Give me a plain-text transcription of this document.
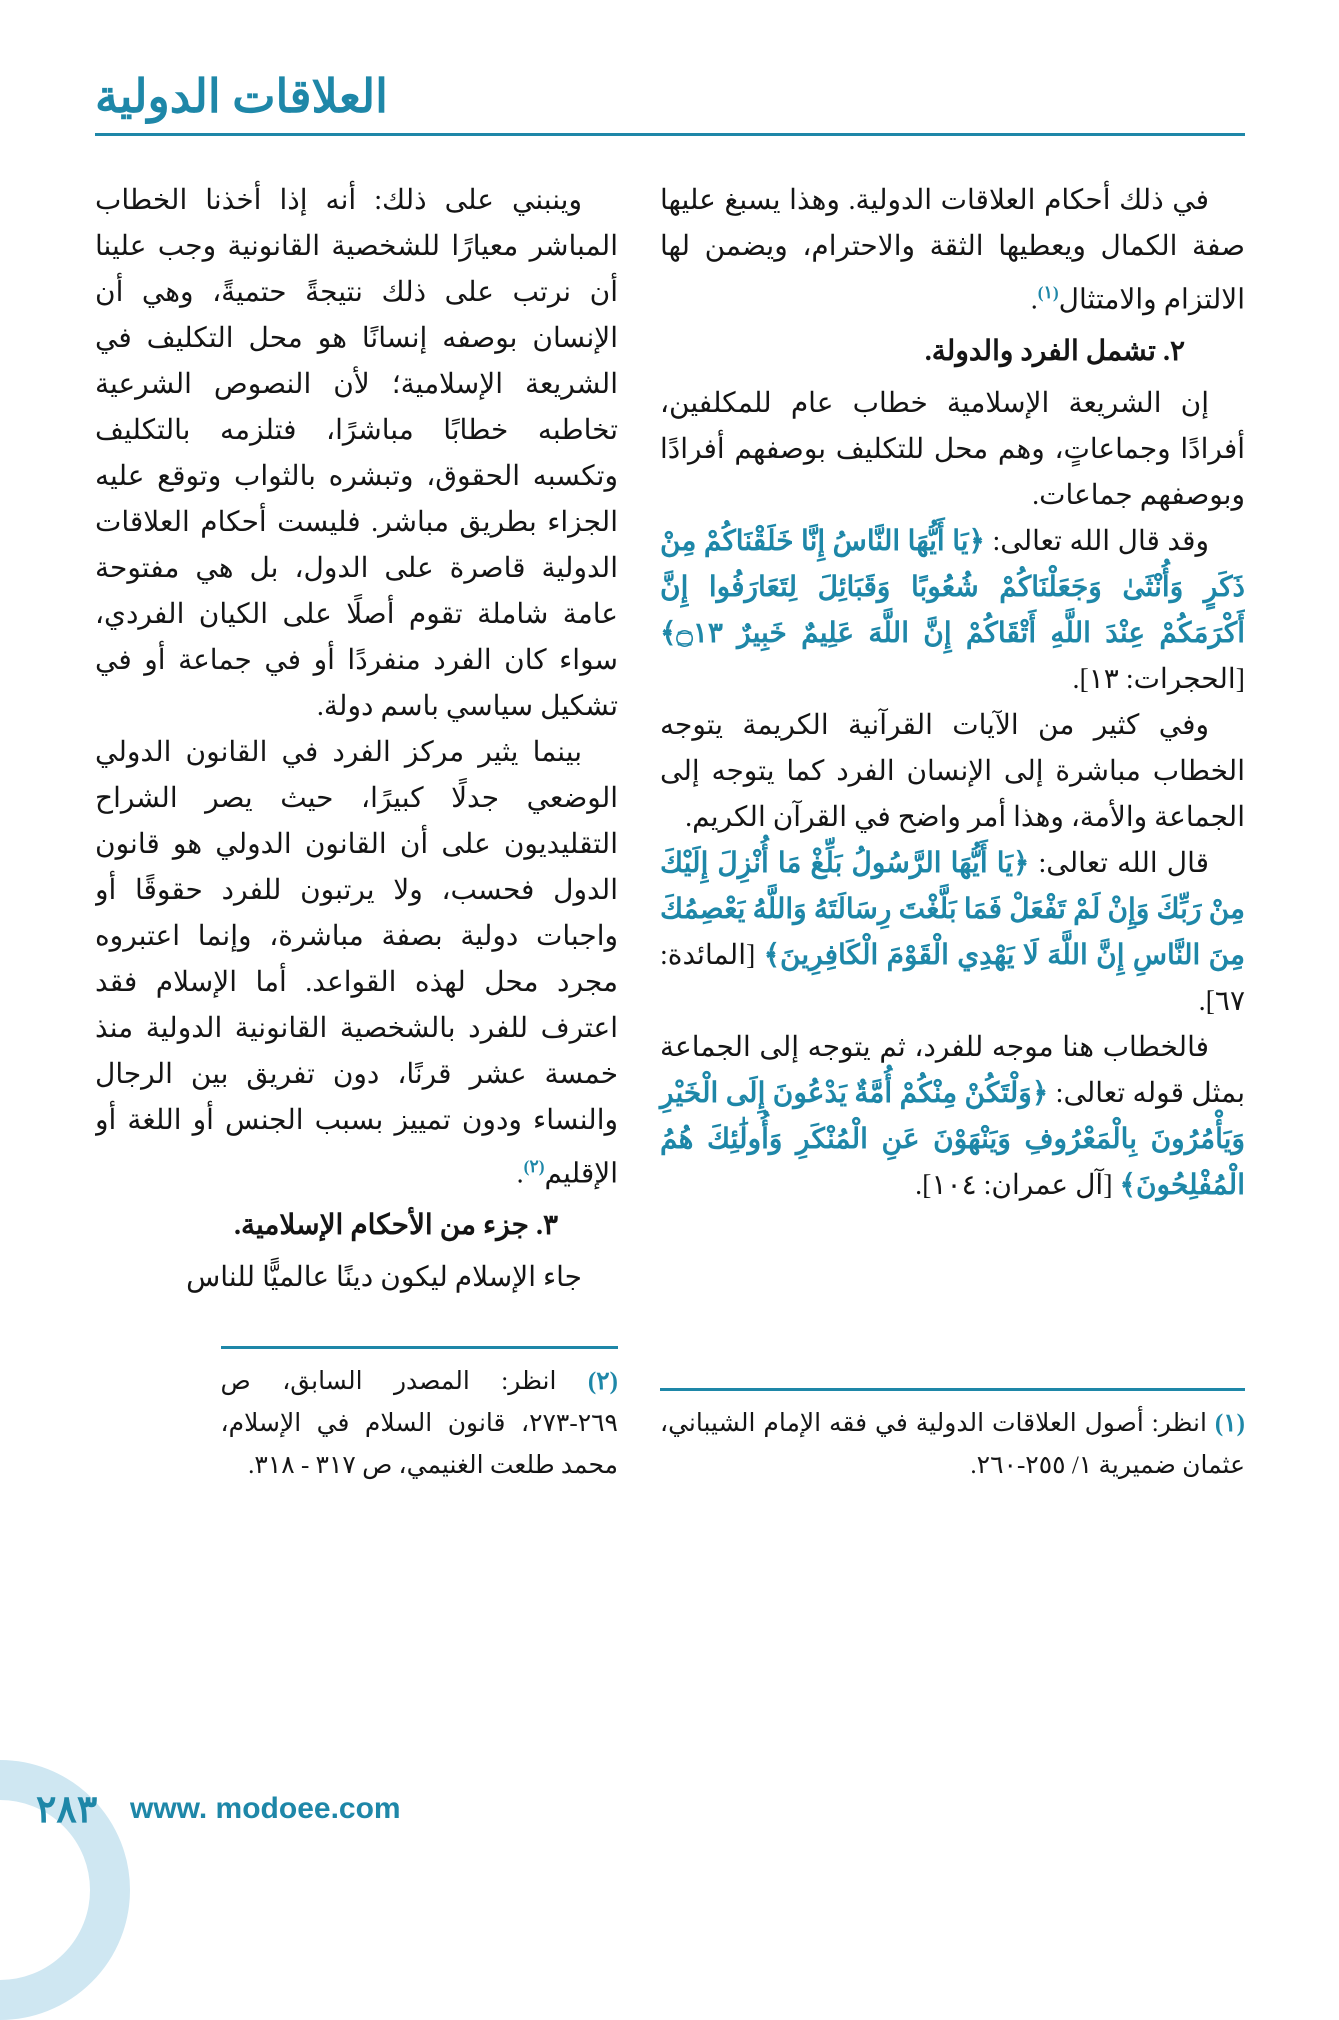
العلاقات الدولية

في ذلك أحكام العلاقات الدولية. وهذا يسبغ عليها صفة الكمال ويعطيها الثقة والاحترام، ويضمن لها الالتزام والامتثال$^{(١)}$.

٢. تشمل الفرد والدولة.

إن الشريعة الإسلامية خطاب عام للمكلفين، أفرادًا وجماعاتٍ، وهم محل للتكليف بوصفهم أفرادًا وبوصفهم جماعات.

وقد قال الله تعالى: ﴿يَا أَيُّهَا النَّاسُ إِنَّا خَلَقْنَاكُمْ مِنْ ذَكَرٍ وَأُنْثَىٰ وَجَعَلْنَاكُمْ شُعُوبًا وَقَبَائِلَ لِتَعَارَفُوا إِنَّ أَكْرَمَكُمْ عِنْدَ اللَّهِ أَتْقَاكُمْ إِنَّ اللَّهَ عَلِيمٌ خَبِيرٌ ۝١٣﴾ [الحجرات: ١٣].

وفي كثير من الآيات القرآنية الكريمة يتوجه الخطاب مباشرة إلى الإنسان الفرد كما يتوجه إلى الجماعة والأمة، وهذا أمر واضح في القرآن الكريم.

قال الله تعالى: ﴿يَا أَيُّهَا الرَّسُولُ بَلِّغْ مَا أُنْزِلَ إِلَيْكَ مِنْ رَبِّكَ وَإِنْ لَمْ تَفْعَلْ فَمَا بَلَّغْتَ رِسَالَتَهُ وَاللَّهُ يَعْصِمُكَ مِنَ النَّاسِ إِنَّ اللَّهَ لَا يَهْدِي الْقَوْمَ الْكَافِرِينَ﴾ [المائدة: ٦٧].

فالخطاب هنا موجه للفرد، ثم يتوجه إلى الجماعة بمثل قوله تعالى: ﴿وَلْتَكُنْ مِنْكُمْ أُمَّةٌ يَدْعُونَ إِلَى الْخَيْرِ وَيَأْمُرُونَ بِالْمَعْرُوفِ وَيَنْهَوْنَ عَنِ الْمُنْكَرِ وَأُولَٰئِكَ هُمُ الْمُفْلِحُونَ﴾ [آل عمران: ١٠٤].

وينبني على ذلك: أنه إذا أخذنا الخطاب المباشر معيارًا للشخصية القانونية وجب علينا أن نرتب على ذلك نتيجةً حتميةً، وهي أن الإنسان بوصفه إنسانًا هو محل التكليف في الشريعة الإسلامية؛ لأن النصوص الشرعية تخاطبه خطابًا مباشرًا، فتلزمه بالتكليف وتكسبه الحقوق، وتبشره بالثواب وتوقع عليه الجزاء بطريق مباشر. فليست أحكام العلاقات الدولية قاصرة على الدول، بل هي مفتوحة عامة شاملة تقوم أصلًا على الكيان الفردي، سواء كان الفرد منفردًا أو في جماعة أو في تشكيل سياسي باسم دولة.

بينما يثير مركز الفرد في القانون الدولي الوضعي جدلًا كبيرًا، حيث يصر الشراح التقليديون على أن القانون الدولي هو قانون الدول فحسب، ولا يرتبون للفرد حقوقًا أو واجبات دولية بصفة مباشرة، وإنما اعتبروه مجرد محل لهذه القواعد. أما الإسلام فقد اعترف للفرد بالشخصية القانونية الدولية منذ خمسة عشر قرنًا، دون تفريق بين الرجال والنساء ودون تمييز بسبب الجنس أو اللغة أو الإقليم$^{(٢)}$.

٣. جزء من الأحكام الإسلامية.

جاء الإسلام ليكون دينًا عالميًّا للناس

(١) انظر: أصول العلاقات الدولية في فقه الإمام الشيباني، عثمان ضميرية ١/ ٢٥٥-٢٦٠.

(٢) انظر: المصدر السابق، ص ٢٦٩-٢٧٣، قانون السلام في الإسلام، محمد طلعت الغنيمي، ص ٣١٧ - ٣١٨.

٢٨٣ www. modoee.com
